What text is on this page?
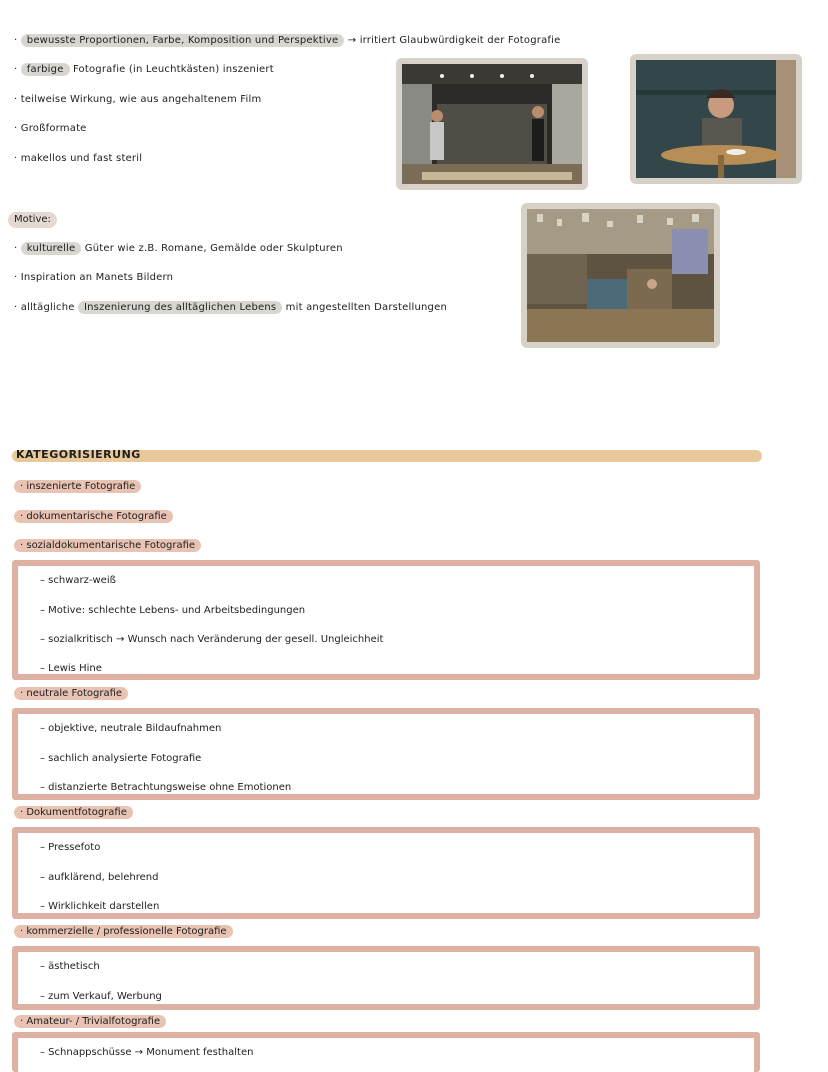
· bewusste Proportionen, Farbe, Komposition und Perspektive → irritiert Glaubwürdigkeit der Fotografie
· farbige Fotografie (in Leuchtkästen) inszeniert
· teilweise Wirkung, wie aus angehaltenem Film
· Großformate
· makellos und fast steril
Motive:
· kulturelle Güter wie z.B. Romane, Gemälde oder Skulpturen
· Inspiration an Manets Bildern
· alltägliche Inszenierung des alltäglichen Lebens mit angestellten Darstellungen
KATEGORISIERUNG
· inszenierte Fotografie
· dokumentarische Fotografie
· sozialdokumentarische Fotografie
– schwarz-weiß
– Motive: schlechte Lebens- und Arbeitsbedingungen
– sozialkritisch → Wunsch nach Veränderung der gesell. Ungleichheit
– Lewis Hine
· neutrale Fotografie
– objektive, neutrale Bildaufnahmen
– sachlich analysierte Fotografie
– distanzierte Betrachtungsweise ohne Emotionen
· Dokumentfotografie
– Pressefoto
– aufklärend, belehrend
– Wirklichkeit darstellen
· kommerzielle / professionelle Fotografie
– ästhetisch
– zum Verkauf, Werbung
· Amateur- / Trivialfotografie
– Schnappschüsse → Monument festhalten
